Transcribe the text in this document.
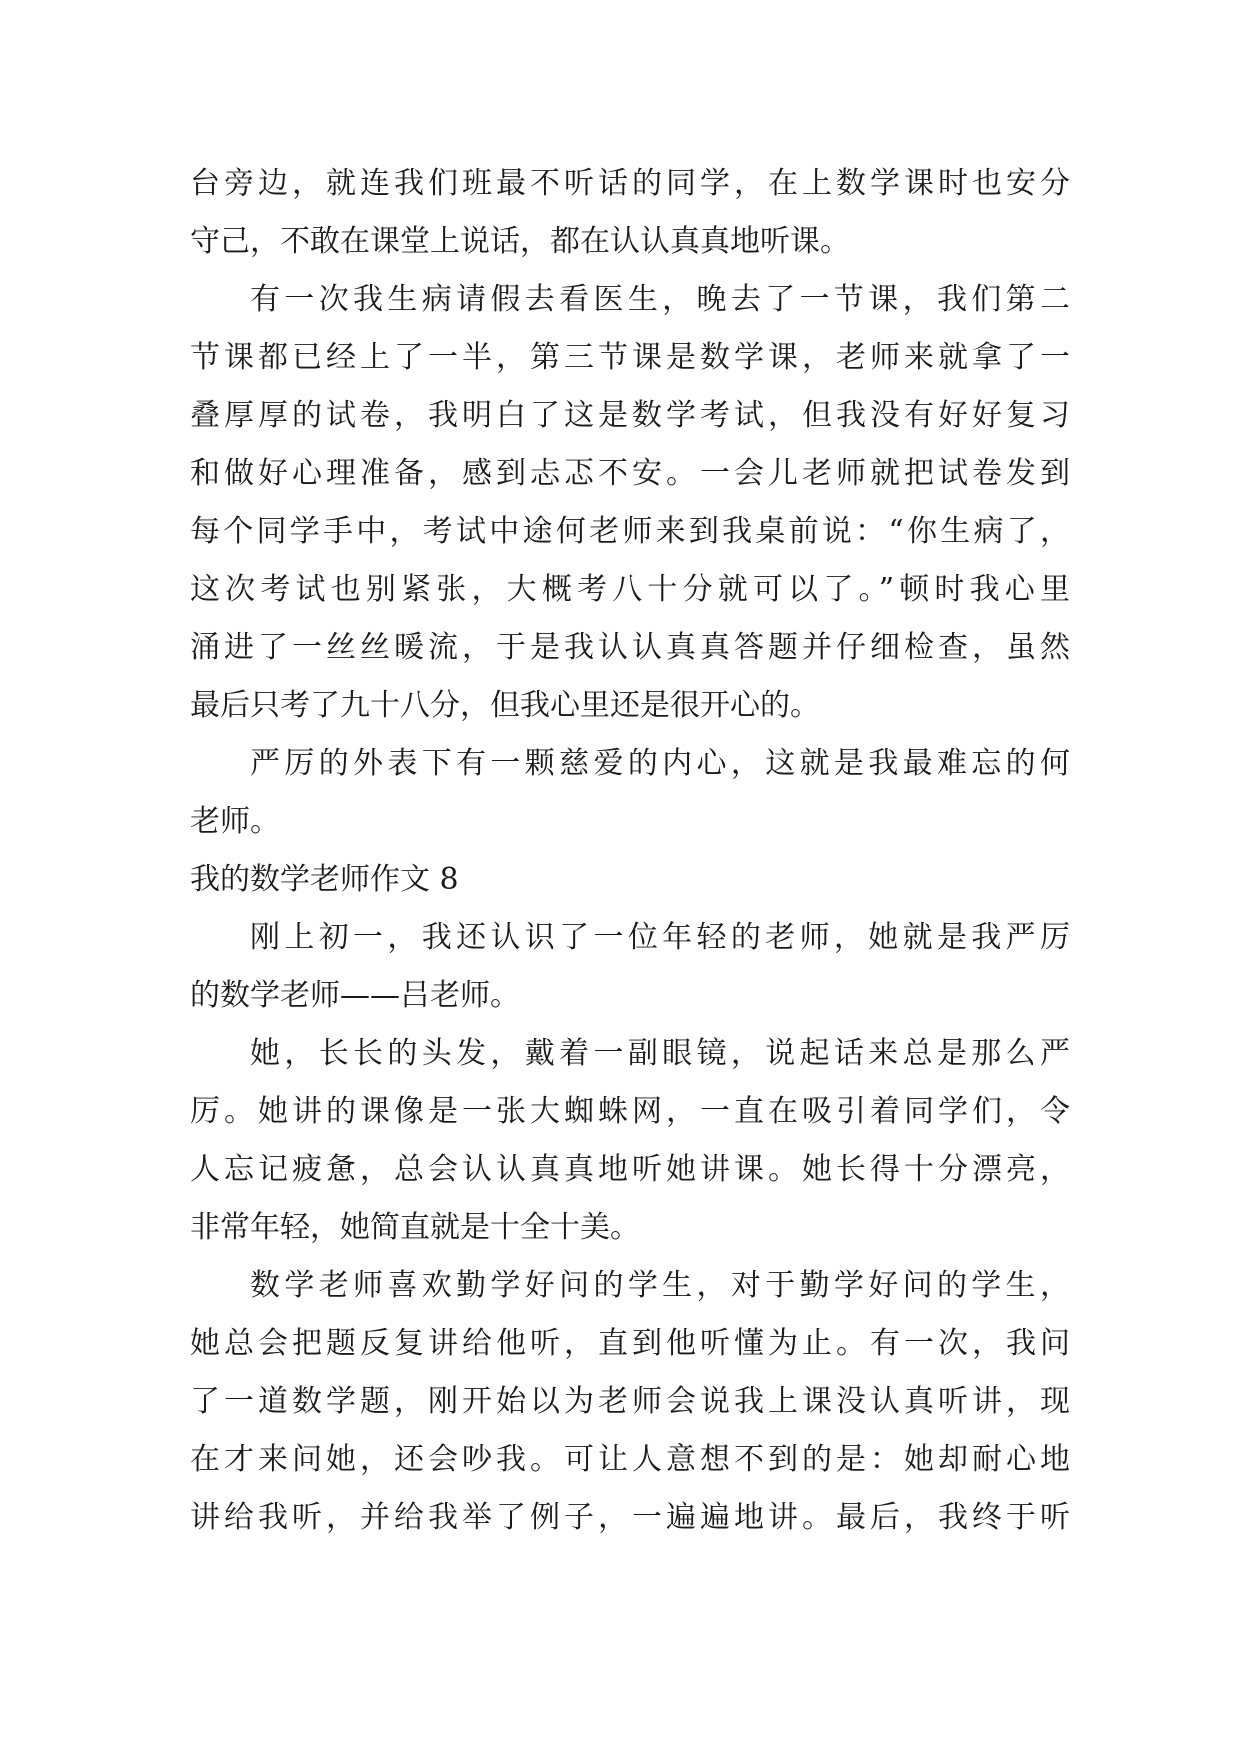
台旁边，就连我们班最不听话的同学，在上数学课时也安分
守己，不敢在课堂上说话，都在认认真真地听课。
有一次我生病请假去看医生，晚去了一节课，我们第二
节课都已经上了一半，第三节课是数学课，老师来就拿了一
叠厚厚的试卷，我明白了这是数学考试，但我没有好好复习
和做好心理准备，感到忐忑不安。一会儿老师就把试卷发到
每个同学手中，考试中途何老师来到我桌前说：“你生病了，
这次考试也别紧张，大概考八十分就可以了。”顿时我心里
涌进了一丝丝暖流，于是我认认真真答题并仔细检查，虽然
最后只考了九十八分，但我心里还是很开心的。
严厉的外表下有一颗慈爱的内心，这就是我最难忘的何
老师。
我的数学老师作文 8
刚上初一，我还认识了一位年轻的老师，她就是我严厉
的数学老师——吕老师。
她，长长的头发，戴着一副眼镜，说起话来总是那么严
厉。她讲的课像是一张大蜘蛛网，一直在吸引着同学们，令
人忘记疲惫，总会认认真真地听她讲课。她长得十分漂亮，
非常年轻，她简直就是十全十美。
数学老师喜欢勤学好问的学生，对于勤学好问的学生，
她总会把题反复讲给他听，直到他听懂为止。有一次，我问
了一道数学题，刚开始以为老师会说我上课没认真听讲，现
在才来问她，还会吵我。可让人意想不到的是：她却耐心地
讲给我听，并给我举了例子，一遍遍地讲。最后，我终于听
